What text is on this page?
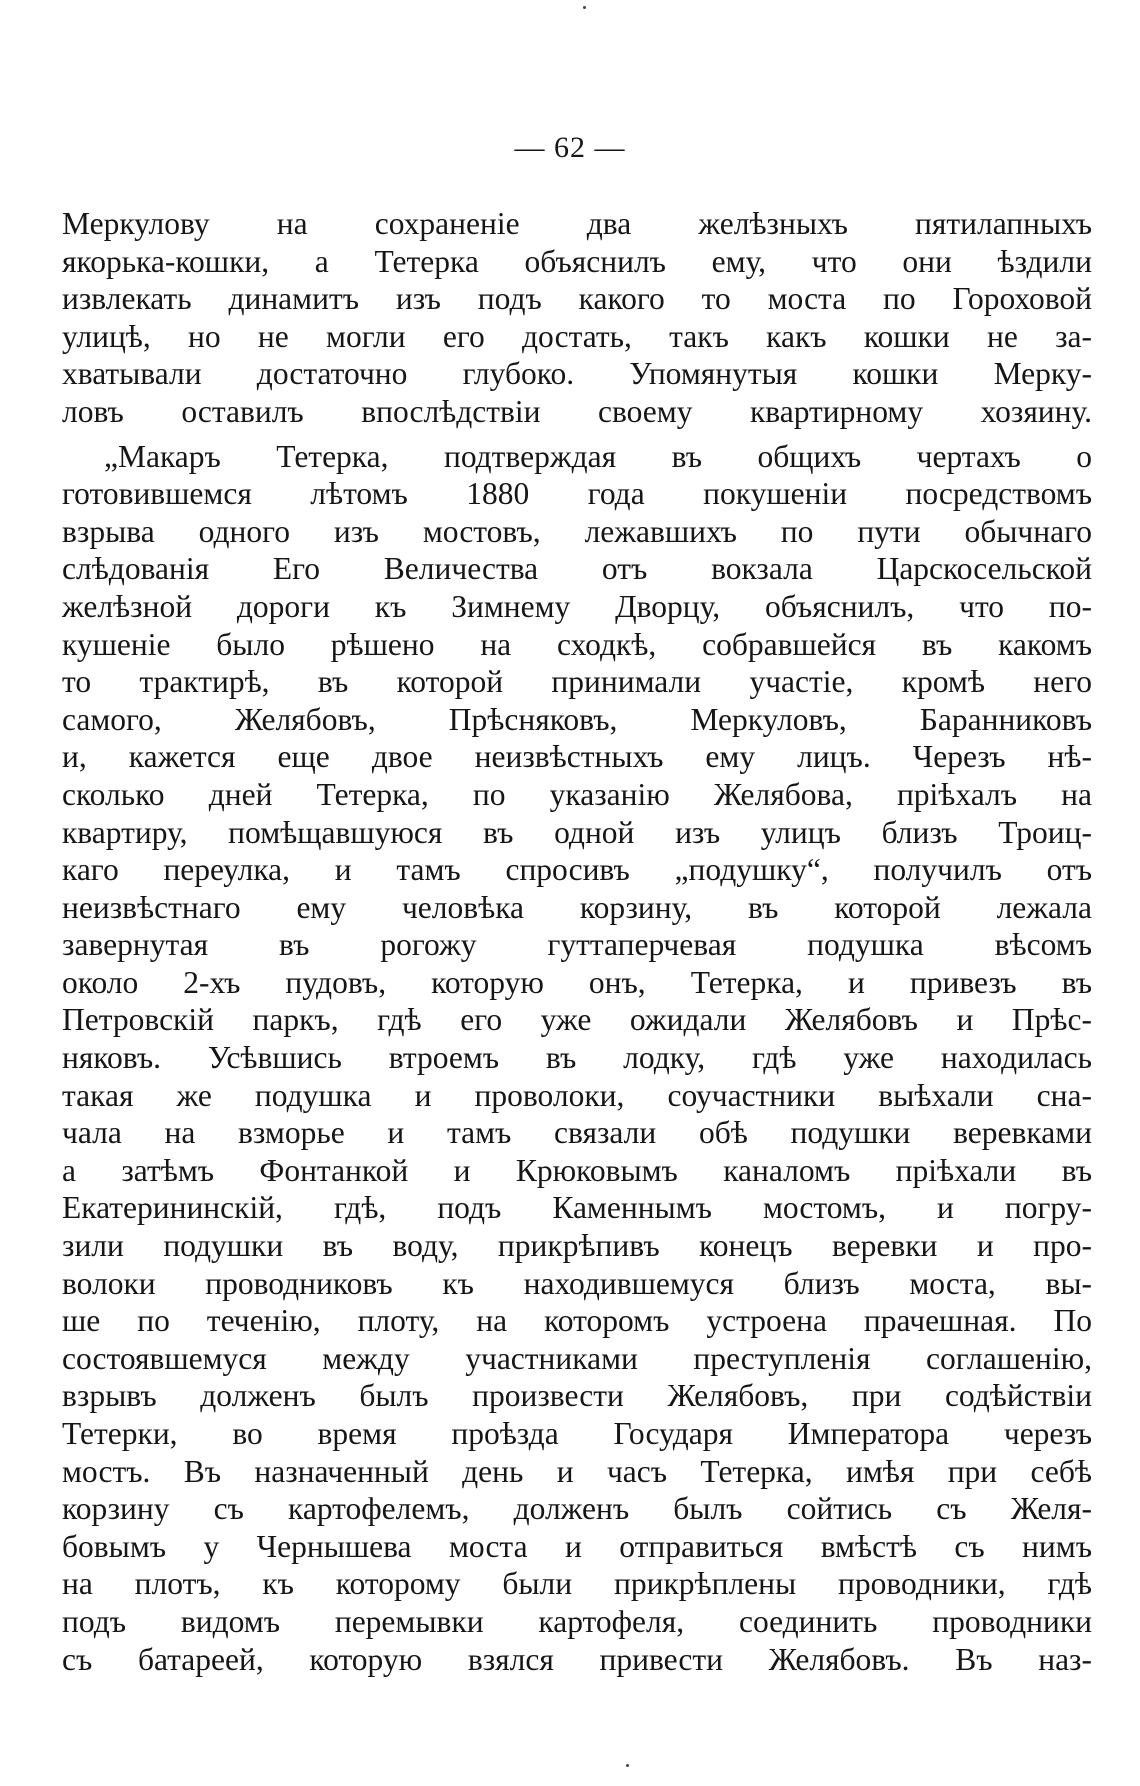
— 62 —
Меркулову на сохраненіе два желѣзныхъ пятилапныхъ
якорька-кошки, а Тетерка объяснилъ ему, что они ѣздили
извлекать динамитъ изъ подъ какого то моста по Гороховой
улицѣ, но не могли его достать, такъ какъ кошки не за-
хватывали достаточно глубоко. Упомянутыя кошки Мерку-
ловъ оставилъ впослѣдствіи своему квартирному хозяину.
„Макаръ Тетерка, подтверждая въ общихъ чертахъ о
готовившемся лѣтомъ 1880 года покушеніи посредствомъ
взрыва одного изъ мостовъ, лежавшихъ по пути обычнаго
слѣдованія Его Величества отъ вокзала Царскосельской
желѣзной дороги къ Зимнему Дворцу, объяснилъ, что по-
кушеніе было рѣшено на сходкѣ, собравшейся въ какомъ
то трактирѣ, въ которой принимали участіе, кромѣ него
самого, Желябовъ, Прѣсняковъ, Меркуловъ, Баранниковъ
и, кажется еще двое неизвѣстныхъ ему лицъ. Черезъ нѣ-
сколько дней Тетерка, по указанію Желябова, пріѣхалъ на
квартиру, помѣщавшуюся въ одной изъ улицъ близъ Троиц-
каго переулка, и тамъ спросивъ „подушку“, получилъ отъ
неизвѣстнаго ему человѣка корзину, въ которой лежала
завернутая въ рогожу гуттаперчевая подушка вѣсомъ
около 2-хъ пудовъ, которую онъ, Тетерка, и привезъ въ
Петровскій паркъ, гдѣ его уже ожидали Желябовъ и Прѣс-
няковъ. Усѣвшись втроемъ въ лодку, гдѣ уже находилась
такая же подушка и проволоки, соучастники выѣхали сна-
чала на взморье и тамъ связали обѣ подушки веревками
а затѣмъ Фонтанкой и Крюковымъ каналомъ пріѣхали въ
Екатерининскій, гдѣ, подъ Каменнымъ мостомъ, и погру-
зили подушки въ воду, прикрѣпивъ конецъ веревки и про-
волоки проводниковъ къ находившемуся близъ моста, вы-
ше по теченію, плоту, на которомъ устроена прачешная. По
состоявшемуся между участниками преступленія соглашенію,
взрывъ долженъ былъ произвести Желябовъ, при содѣйствіи
Тетерки, во время проѣзда Государя Императора черезъ
мостъ. Въ назначенный день и часъ Тетерка, имѣя при себѣ
корзину съ картофелемъ, долженъ былъ сойтись съ Желя-
бовымъ у Чернышева моста и отправиться вмѣстѣ съ нимъ
на плотъ, къ которому были прикрѣплены проводники, гдѣ
подъ видомъ перемывки картофеля, соединить проводники
съ батареей, которую взялся привести Желябовъ. Въ наз-
